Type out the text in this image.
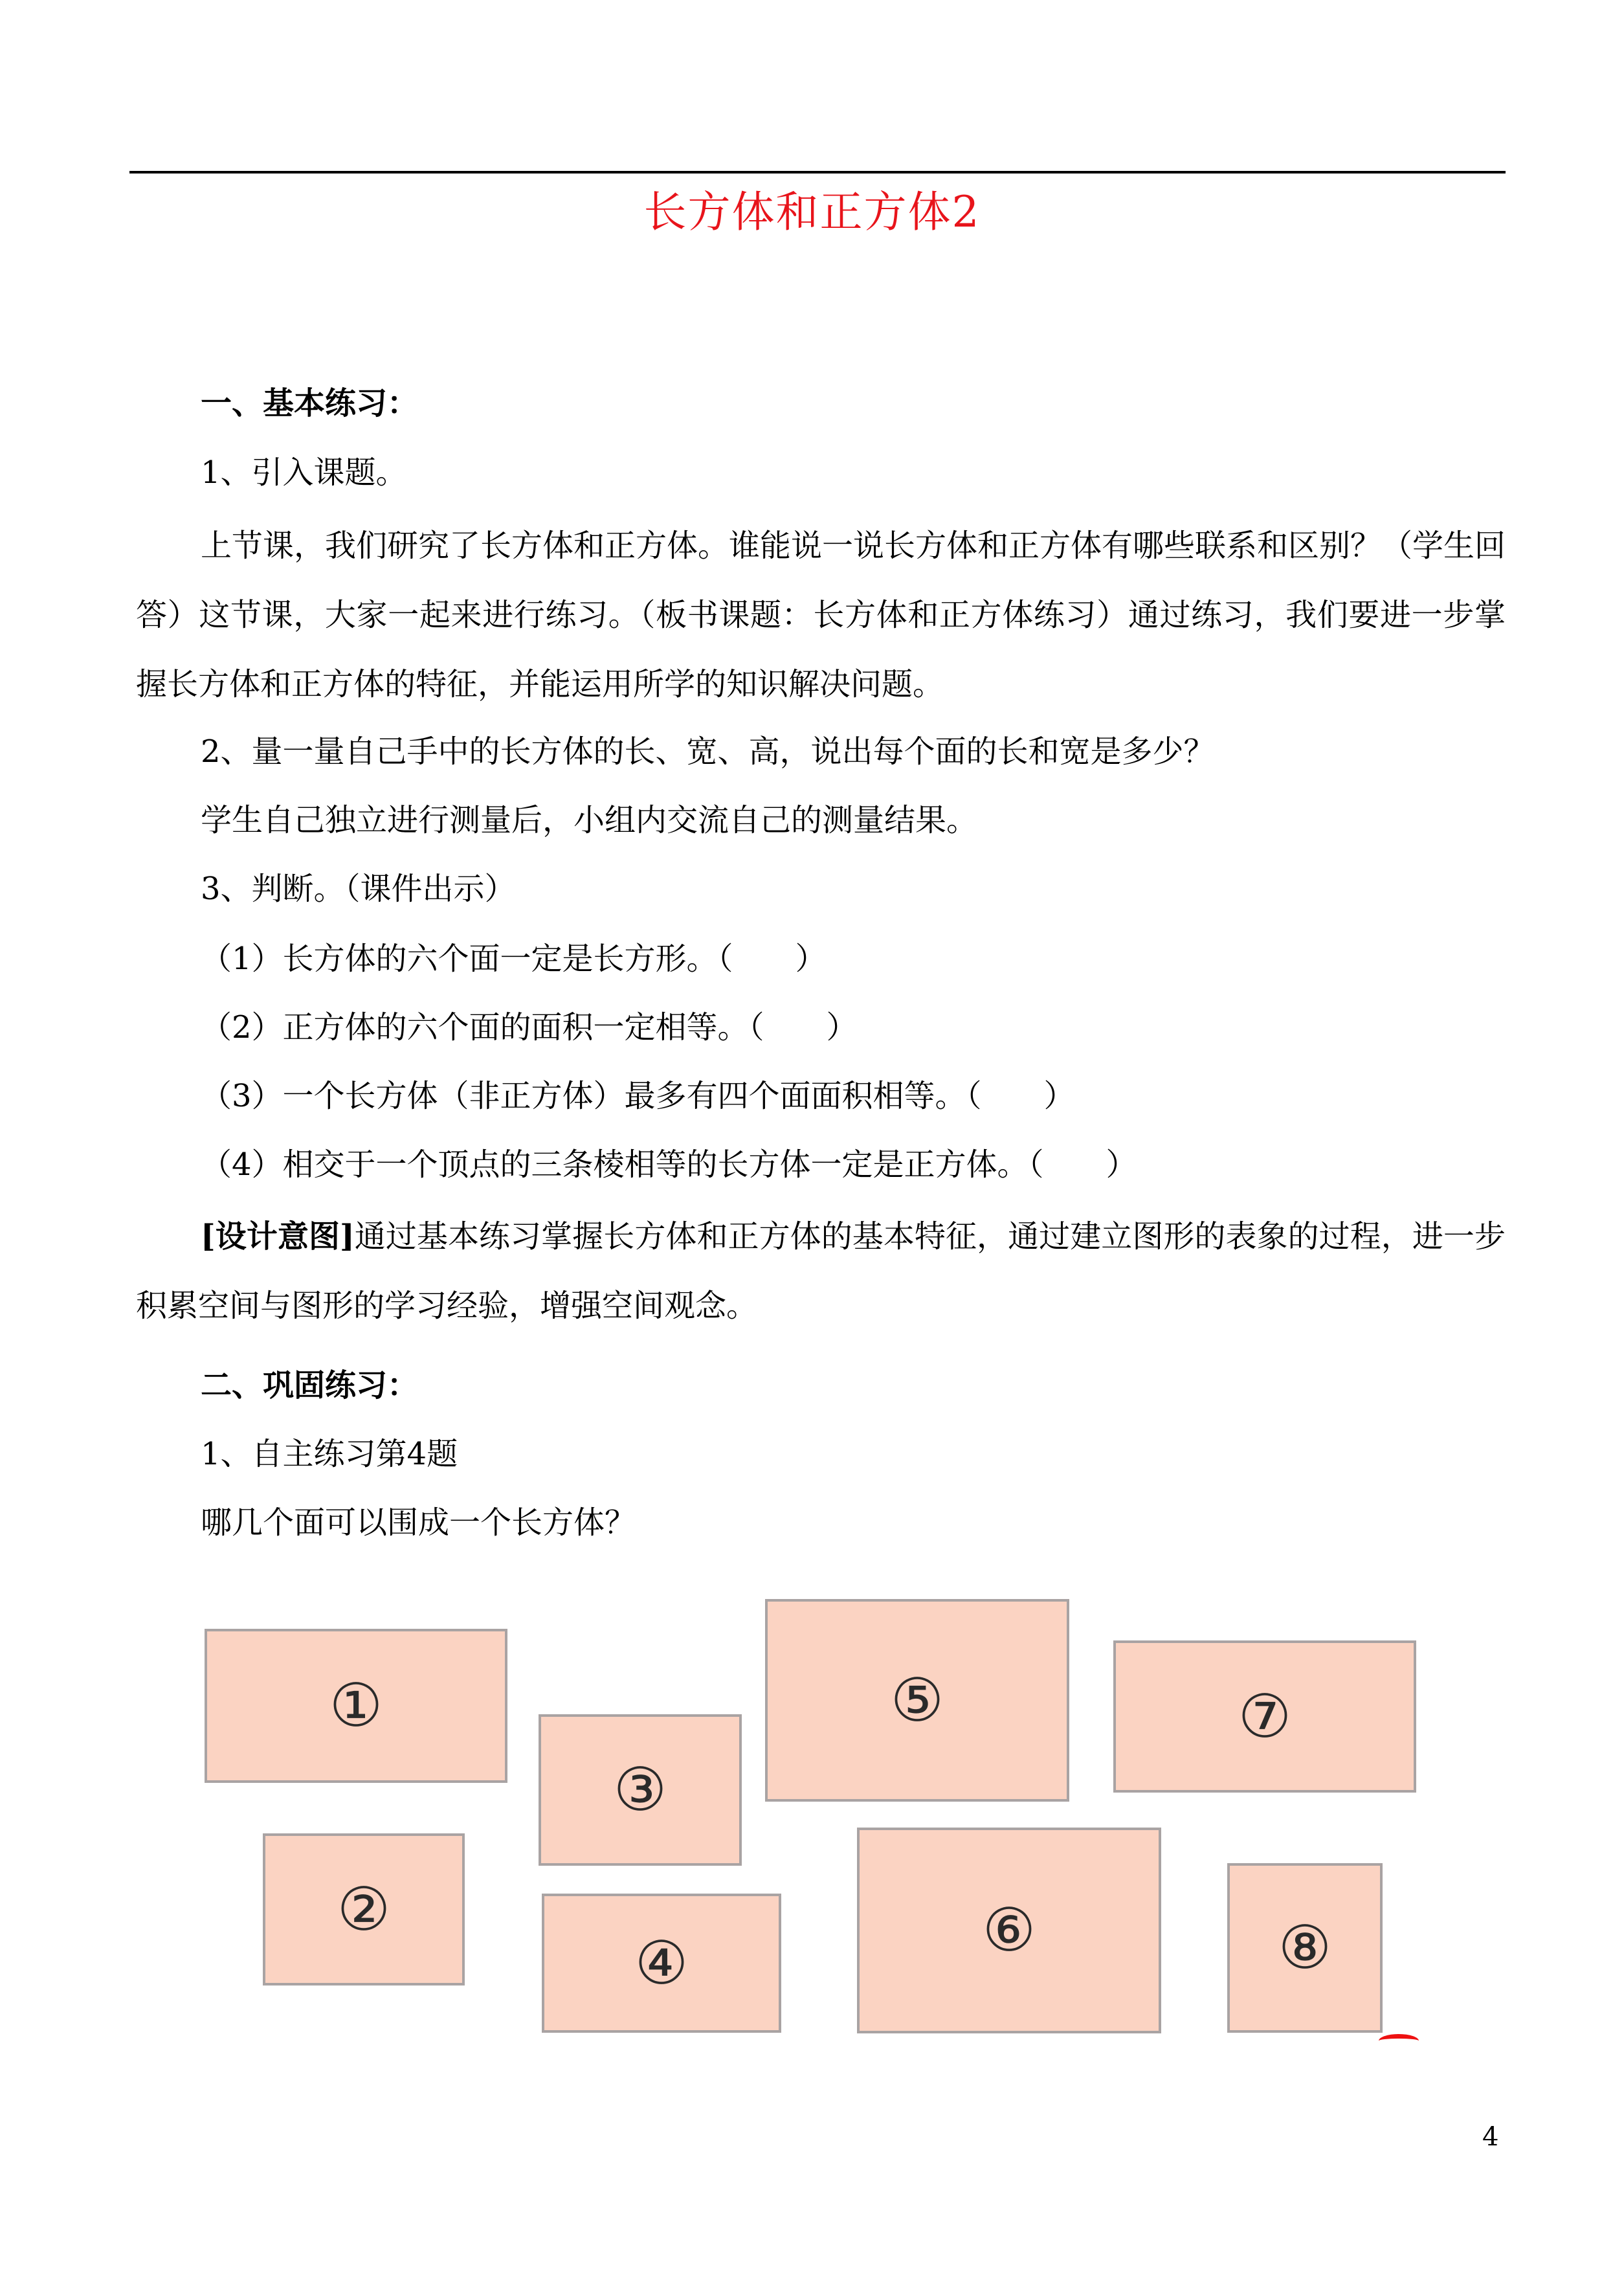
长方体和正方体2
一、基本练习：
1、引入课题。
上节课，我们研究了长方体和正方体。谁能说一说长方体和正方体有哪些联系和区别？（学生回答）这节课，大家一起来进行练习。（板书课题：长方体和正方体练习）通过练习，我们要进一步掌握长方体和正方体的特征，并能运用所学的知识解决问题。
2、量一量自己手中的长方体的长、宽、高，说出每个面的长和宽是多少？
学生自己独立进行测量后，小组内交流自己的测量结果。
3、判断。（课件出示）
（1）长方体的六个面一定是长方形。（　　）
（2）正方体的六个面的面积一定相等。（　　）
（3）一个长方体（非正方体）最多有四个面面积相等。（　　）
（4）相交于一个顶点的三条棱相等的长方体一定是正方体。（　　）
[设计意图]通过基本练习掌握长方体和正方体的基本特征，通过建立图形的表象的过程，进一步积累空间与图形的学习经验，增强空间观念。
二、巩固练习：
1、自主练习第4题
哪几个面可以围成一个长方体？
①
②
③
④
⑤
⑥
⑦
⑧
4
